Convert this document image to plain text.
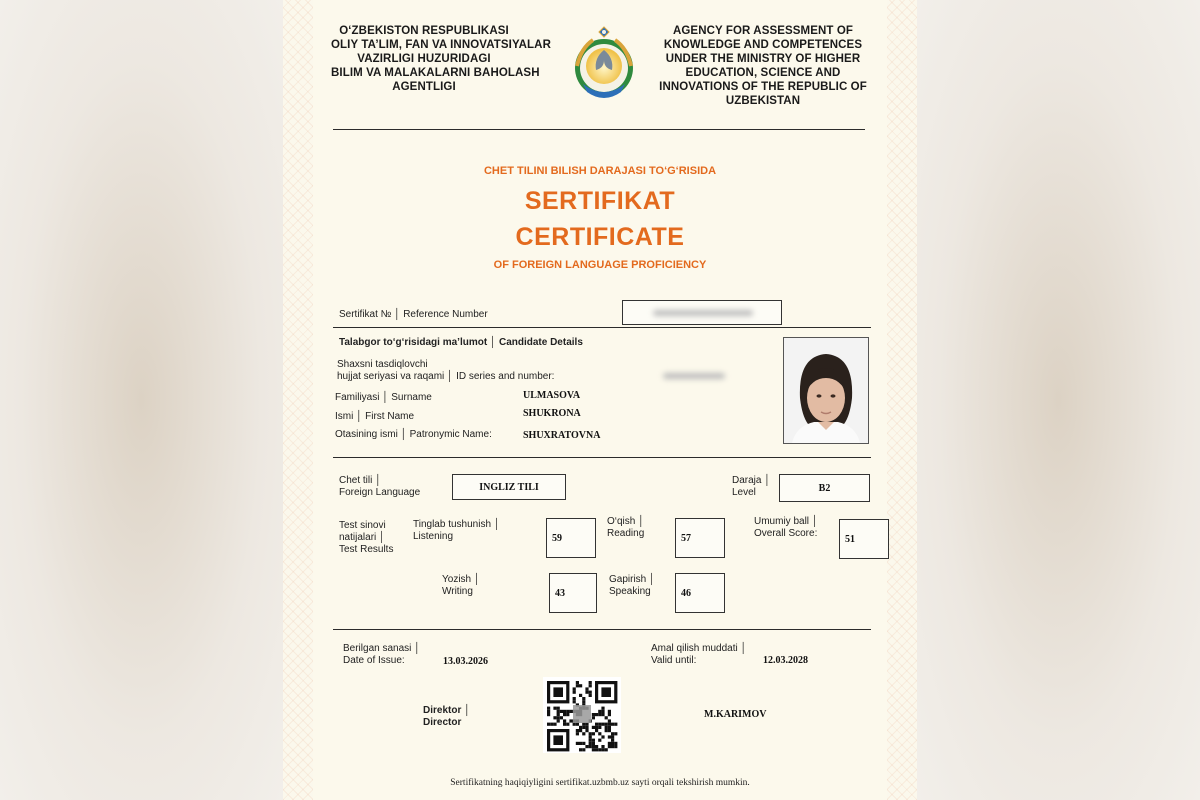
O‘ZBEKISTON RESPUBLIKASI
OLIY TA’LIM, FAN VA INNOVATSIYALAR
VAZIRLIGI HUZURIDAGI
BILIM VA MALAKALARNI BAHOLASH
AGENTLIGI
AGENCY FOR ASSESSMENT OF
KNOWLEDGE AND COMPETENCES
UNDER THE MINISTRY OF HIGHER
EDUCATION, SCIENCE AND
INNOVATIONS OF THE REPUBLIC OF
UZBEKISTAN
CHET TILINI BILISH DARAJASI TO‘G‘RISIDA
SERTIFIKAT
CERTIFICATE
OF FOREIGN LANGUAGE PROFICIENCY
Sertifikat № │ Reference Number
Talabgor to‘g‘risidagi ma’lumot │ Candidate Details
Shaxsni tasdiqlovchi
hujjat seriyasi va raqami │ ID series and number:
Familiyasi │ Surname	ULMASOVA
Ismi │ First Name	SHUKRONA
Otasining ismi │ Patronymic Name:	SHUXRATOVNA
Chet tili │
Foreign Language	INGLIZ TILI
Daraja │
Level	B2
Test sinovi
natijalari │
Test Results
Tinglab tushunish │
Listening	59
O‘qish │
Reading	57
Umumiy ball │
Overall Score:
51
Yozish │
Writing	43
Gapirish │
Speaking	46
Berilgan sanasi │
Date of Issue:	13.03.2026
Amal qilish muddati │
Valid until:	12.03.2028
Direktor │
Director
M.KARIMOV
Sertifikatning haqiqiyligini sertifikat.uzbmb.uz sayti orqali tekshirish mumkin.
